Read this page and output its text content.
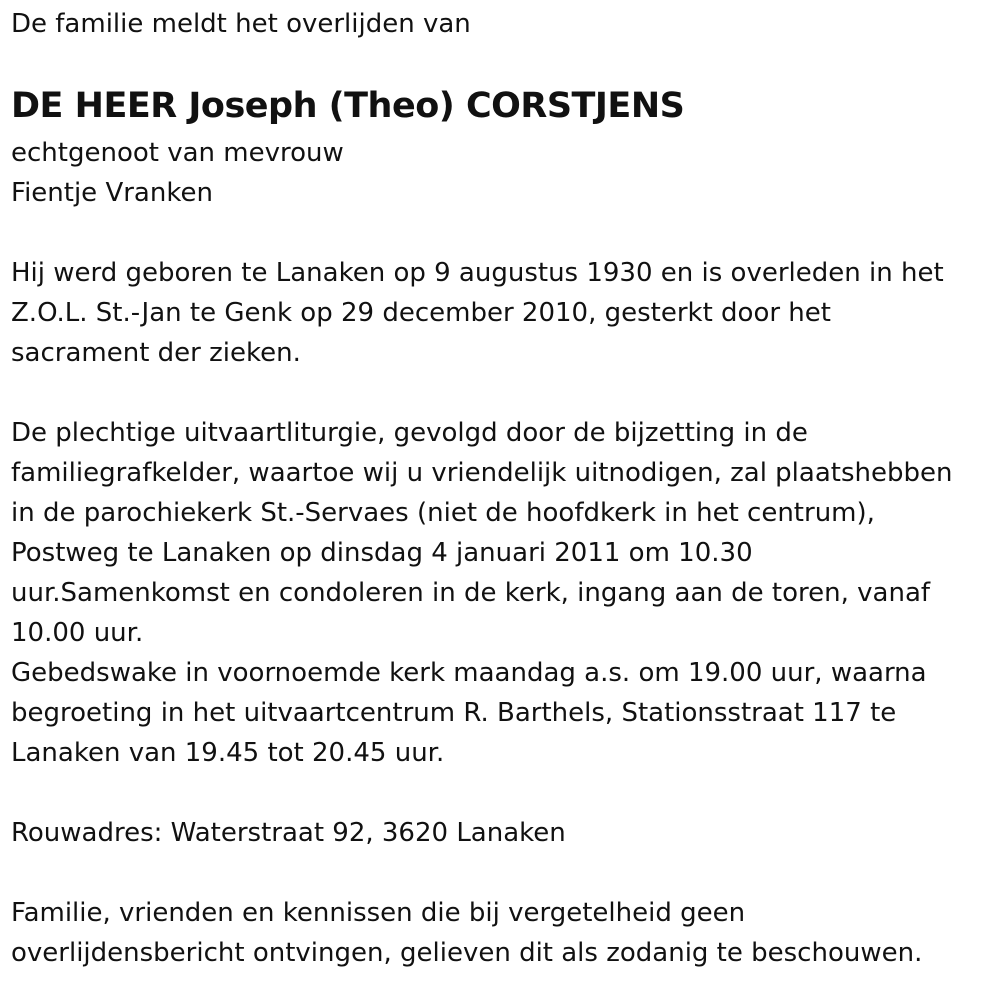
De familie meldt het overlijden van
DE HEER Joseph (Theo) CORSTJENS
echtgenoot van mevrouw
Fientje Vranken
Hij werd geboren te Lanaken op 9 augustus 1930 en is overleden in het
Z.O.L. St.-Jan te Genk op 29 december 2010, gesterkt door het
sacrament der zieken.
De plechtige uitvaartliturgie, gevolgd door de bijzetting in de
familiegrafkelder, waartoe wij u vriendelijk uitnodigen, zal plaatshebben
in de parochiekerk St.-Servaes (niet de hoofdkerk in het centrum),
Postweg te Lanaken op dinsdag 4 januari 2011 om 10.30
uur.Samenkomst en condoleren in de kerk, ingang aan de toren, vanaf
10.00 uur.
Gebedswake in voornoemde kerk maandag a.s. om 19.00 uur, waarna
begroeting in het uitvaartcentrum R. Barthels, Stationsstraat 117 te
Lanaken van 19.45 tot 20.45 uur.
Rouwadres: Waterstraat 92, 3620 Lanaken
Familie, vrienden en kennissen die bij vergetelheid geen
overlijdensbericht ontvingen, gelieven dit als zodanig te beschouwen.
